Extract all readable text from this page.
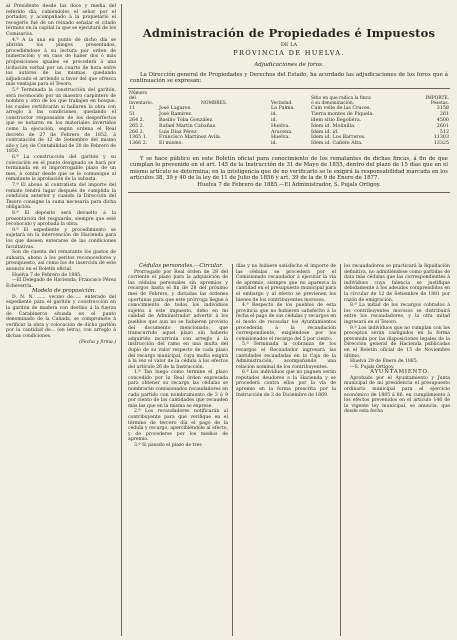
al Presidente desde las doce y media del referido día, cabiéndoles el señor por el portador, y acompañado á la propietario el recogerlo fué de un reinado señalar el citado término en la capital la que se ejecutará de los Comisarios.

4.ª A la una en punto de dicho día se abrirán los pliegos presentados, procediéndose á su lectura por orden de numeración; y en caso de haber dos ó más proposiciones iguales se procederá á una licitación verbal por un cuarto de hora entre los autores de las mismas, quedando adjudicado el arriendo a favor del que ofrezca más ventajas para el Tesoro.

5.ª Terminada la construcción del garitón, será reconocido por un maestro carpintero de nombre y otro de los que trabajen en bosque, los cuales certificarán si hallaren la obra con arreglo á las condiciones, quedando el constructor responsable de los desperfectos que se notaren en los materiales invertidos como la ejecución, según ordena el Real decreto de 27 de Febrero de 1852, á contratación de 12 de Setiembre del mismo año y Ley de Contabilidad de 20 de Febrero de 1850.

6.ª La construcción del garitón y su colocación en el punto designado se hará por terminada en el improrrogable plazo de un mes, á contar desde que se le comunique al rematante la aprobación de la subasta.

7.ª El abono al contratista del importe del remate tendrá lugar después de cumplida la condición anterior y cuando la Dirección del Tesoro consigne la suma necesaria para dicha obligación.

8.ª El depósito será devuelto á la presentación del resguardo, siempre que esté reconocido y aprobada la obra.

9.ª El expediente y procedimiento se sujetará en la intervención de Hacienda para los que deseen enterarse de las condiciones facultativas.

Son de cuenta del rematante los gastos de subasta, abono á los peritos reconocedores y presupuesto, así como los de inserción de este anuncio en el Boletín oficial.

Huelva 7 de Febrero de 1885.

—El Delegado de Hacienda, Francisco Pérez Echeverría.

Modelo de proposición.

D. N. N. ...... vecino de...... enterado del expediente para el garitón y construcción en la garitón de madera con destino á la fuerza de Carabineros situada en el punto denominado de la Cañada, se compromete á verificar la obra y colocación de dicho garitón por la cantidad de... (en letra), con arreglo á dichas condiciones.

(Fecha y firma.)

Administración de Propiedades é Impuestos
DE LA
PROVINCIA DE HUELVA.
Adjudicaciones de foros.
La Dirección general de Propiedades y Derechos del Estado, ha acordado las adjudicaciones de los foros que á continuación se expresan:
Número
del
inventario.	NOMBRES.	Vecindad.	Sitio en que radica la finca
ó su denominación.	IMPORTE.
Pesetas.
11	José Lagares.	La Palma.	Cam velle de las Cruces.	3158
51	José Ramírez.	id.	Tierra montes de Piquela.	261
264 2.	Basilio Toba González.	id.	ídem sitio Ilegoliéra.	4500
265 2.	Rafael Martín Cabañas.	Huelva.	Ídem id. Molinilla.	2601
266 2.	Luis Díaz Pérez	Aracena.	Ídem id. id.	512
1365 1.	Francisco Martínez Avila.	Huelva.	Ídem id. Los Barreros.	11303
1366 2.	El mismo.	id.	Ídem id. Cañete Alta.	13325
Y se hace público en este Boletín oficial para conocimiento de los rematantes de dichas fincas, á fin de que cumplan lo prevenido en el art. 145 de la Instrucción de 31 de Mayo de 1855, dentro del plazo de 15 días que en el mismo artículo se determina; en la inteligencia que de no verificarlo se le exigirá la responsabilidad marcada en los artículos 38, 39 y 40 de la ley de 11 de Julio de 1856 y art. 39 de la de 9 de Enero de 1877.
Huelva 7 de Febrero de 1885.—El Administrador, S. Pujals Ortigoy.

Cédulas personales.—Circular.

Prorrogado por Real órden de 28 del corriente el plazo para la adquisición de las cédulas personales sin apremios y recargos hasta el fin de 28 del próximo mes de Febrero, y dictadas las órdenes oportunas para que este prórroga llegue á conocimiento de todos los individuos sujetos á este impuesto, debo en mi calidad de Administrador advertir á los pueblos que aun no se hubieren provisto del documento mencionado, que transcurrido aquel plazo sin haberlo adquirido incurrirán con arreglo á la instrucción del ramo en una multa del duplo de su valor respecto de cada plazo del recargo municipal, cuya multa exigirá á la vez el valor de la cédula á los efectos del artículo 26 de la Instrucción.

1.ª Tan luego como termine el plazo concedido por la Real órden expresada para obtener su recargo las cédulas se nombrarán comisionados recaudadores en cada partido con nombramiento de 3 ú 9 por ciento de las cantidades que recauden más las que en la misma se exprese.

2.ª Los recaudadores notificarán al contribuyente para que verifique en el término de tercero día el pago de la cédula y recargo, apercibiéndole al efecto, y de procederse por los medios de apremio.

3.ª Si pasado el plazo de tres

días y no hubiere satisfecho el importe de las cédulas se procederá por el Comisionado recaudador á ejecutar la vía de apremio, siempre que no aparezca la cantidad en el presupuesto municipal para el embargo y al efecto se previenen los bienes de los contribuyentes morosos.

4.ª Respecto de los pueblos de esta provincia que no hubieren satisfecho á la fecha el pago de sus cédulas y recargos en el modo de recaudar los Ayuntamientos procederán á la recaudación correspondiente, exigiéndose por los comisionados el recargo del 5 por ciento.

5.ª Terminada la cobranza de los recargos el Recaudador ingresará las cantidades recaudadas en la Caja de la Administración, acompañando una relación nominal de los contribuyentes.

6.ª Los individuos que no paguen serán reputados deudores a la Hacienda y se procederá contra ellos por la vía de apremio en la forma prescrita por la Instrucción de 3 de Diciembre de 1869.

los recaudadores se practicará la liquidación definitiva, no admitiéndose como partidas de data más cédulas que las correspondientes á individuos cuya falencia se justifique debidamente á los adeudos comprendidos en la circular de 12 de Setiembre de 1881 por razón de emigración.

8.ª La mitad de los recargos cobrados á los contribuyentes morosos se distribuirá entre los recaudadores, y la otra mitad ingresará en el Tesoro.

9.ª Los individuos que no cumplan con los preceptos serán castigados en la forma prevenida por las disposiciones legales de la Dirección general de Hacienda publicadas en el Boletín oficial de 15 de Noviembre último.

Huelva 29 de Enero de 1885.

—S. Pujals Ortigoy.

AYUNTAMIENTO.

Aprobado por el Ayuntamiento y Junta municipal de mi presidencia el presupuesto ordinario municipal para el ejercicio económico de 1885 á 86, en cumplimiento á los efectos prevenidos en el artículo 146 de la vigente ley municipal, se anuncia, que desde esta fecha
